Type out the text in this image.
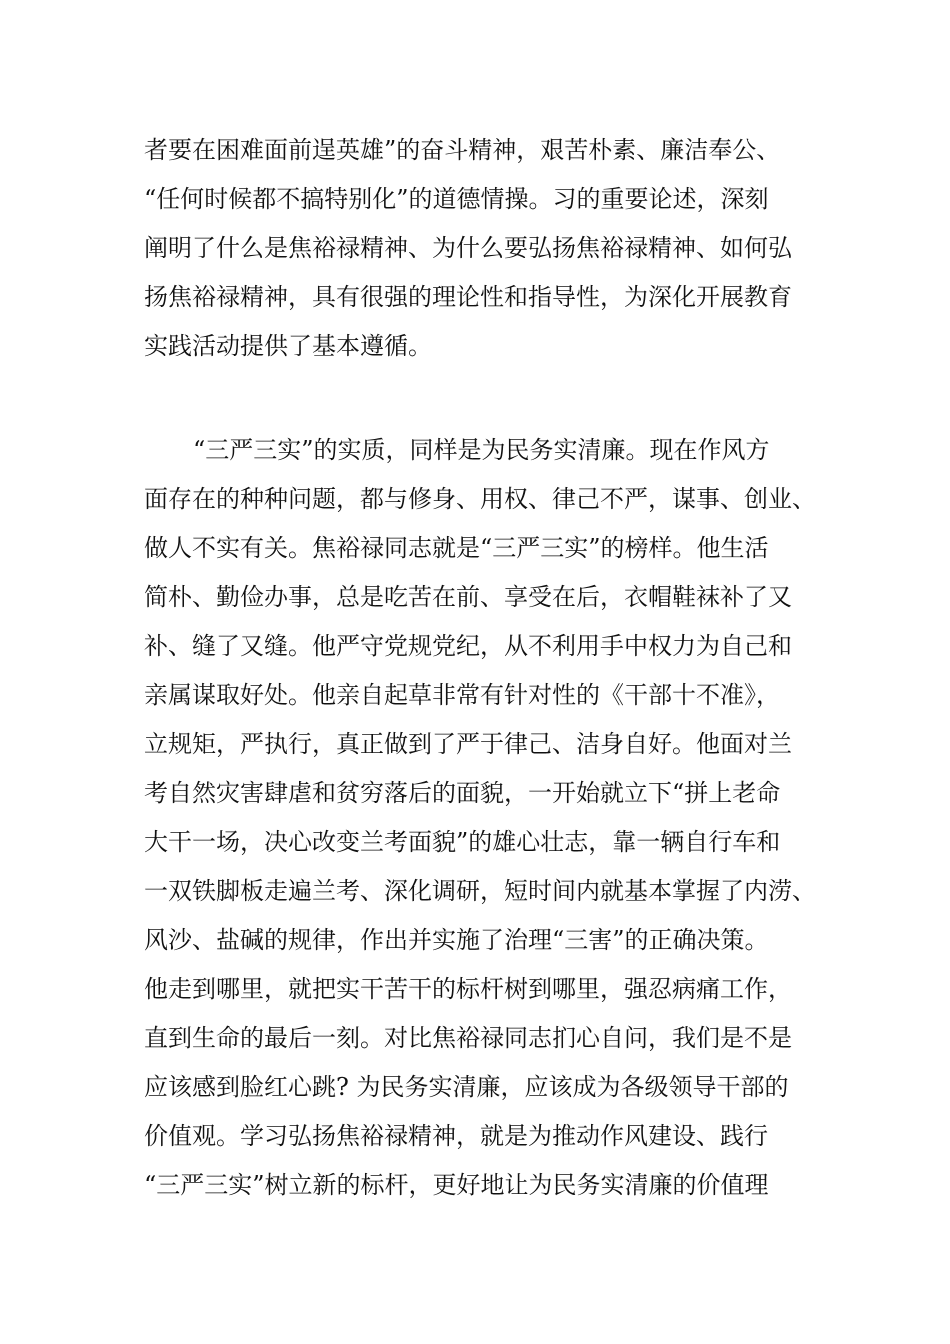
者要在困难面前逞英雄”的奋斗精神，艰苦朴素、廉洁奉公、
“任何时候都不搞特别化”的道德情操。习的重要论述，深刻
阐明了什么是焦裕禄精神、为什么要弘扬焦裕禄精神、如何弘
扬焦裕禄精神，具有很强的理论性和指导性，为深化开展教育
实践活动提供了基本遵循。
“三严三实”的实质，同样是为民务实清廉。现在作风方
面存在的种种问题，都与修身、用权、律己不严，谋事、创业、
做人不实有关。焦裕禄同志就是“三严三实”的榜样。他生活
简朴、勤俭办事，总是吃苦在前、享受在后，衣帽鞋袜补了又
补、缝了又缝。他严守党规党纪，从不利用手中权力为自己和
亲属谋取好处。他亲自起草非常有针对性的《干部十不准》，
立规矩，严执行，真正做到了严于律己、洁身自好。他面对兰
考自然灾害肆虐和贫穷落后的面貌，一开始就立下“拼上老命
大干一场，决心改变兰考面貌”的雄心壮志，靠一辆自行车和
一双铁脚板走遍兰考、深化调研，短时间内就基本掌握了内涝、
风沙、盐碱的规律，作出并实施了治理“三害”的正确决策。
他走到哪里，就把实干苦干的标杆树到哪里，强忍病痛工作，
直到生命的最后一刻。对比焦裕禄同志扪心自问，我们是不是
应该感到脸红心跳? 为民务实清廉，应该成为各级领导干部的
价值观。学习弘扬焦裕禄精神，就是为推动作风建设、践行
“三严三实”树立新的标杆，更好地让为民务实清廉的价值理
